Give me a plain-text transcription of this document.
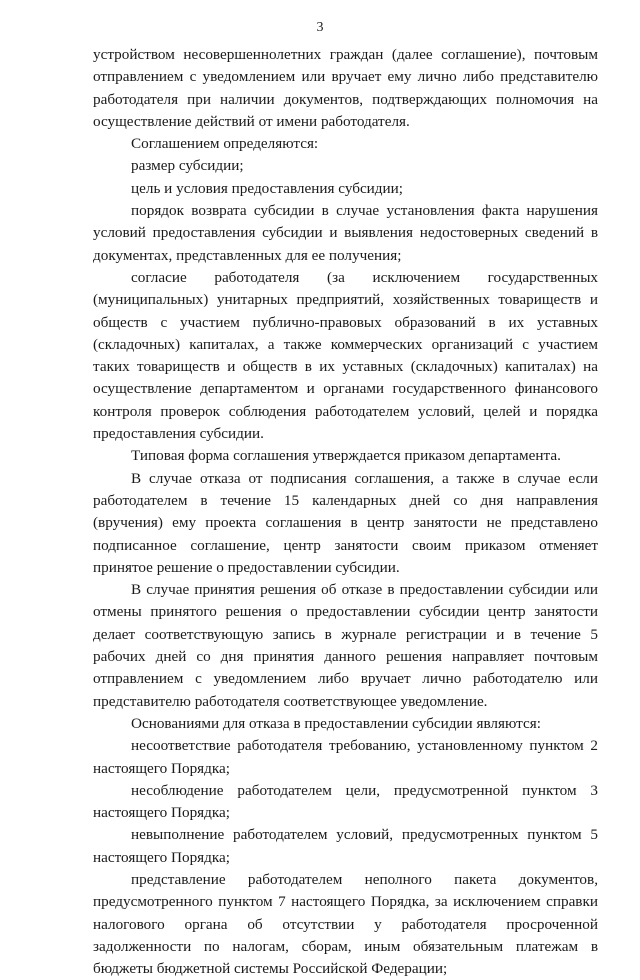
3

устройством несовершеннолетних граждан (далее соглашение), почтовым отправлением с уведомлением или вручает ему лично либо представителю работодателя при наличии документов, подтверждающих полномочия на осуществление действий от имени работодателя.

Соглашением определяются:

размер субсидии;

цель и условия предоставления субсидии;

порядок возврата субсидии в случае установления факта нарушения условий предоставления субсидии и выявления недостоверных сведений в документах, представленных для ее получения;

согласие работодателя (за исключением государственных (муниципальных) унитарных предприятий, хозяйственных товариществ и обществ с участием публично-правовых образований в их уставных (складочных) капиталах, а также коммерческих организаций с участием таких товариществ и обществ в их уставных (складочных) капиталах) на осуществление департаментом и органами государственного финансового контроля проверок соблюдения работодателем условий, целей и порядка предоставления субсидии.

Типовая форма соглашения утверждается приказом департамента.

В случае отказа от подписания соглашения, а также в случае если работодателем в течение 15 календарных дней со дня направления (вручения) ему проекта соглашения в центр занятости не представлено подписанное соглашение, центр занятости своим приказом отменяет принятое решение о предоставлении субсидии.

В случае принятия решения об отказе в предоставлении субсидии или отмены принятого решения о предоставлении субсидии центр занятости делает соответствующую запись в журнале регистрации и в течение 5 рабочих дней со дня принятия данного решения направляет почтовым отправлением с уведомлением либо вручает лично работодателю или представителю работодателя соответствующее уведомление.

Основаниями для отказа в предоставлении субсидии являются:

несоответствие работодателя требованию, установленному пунктом 2 настоящего Порядка;

несоблюдение работодателем цели, предусмотренной пунктом 3 настоящего Порядка;

невыполнение работодателем условий, предусмотренных пунктом 5 настоящего Порядка;

представление работодателем неполного пакета документов, предусмотренного пунктом 7 настоящего Порядка, за исключением справки налогового органа об отсутствии у работодателя просроченной задолженности по налогам, сборам, иным обязательным платежам в бюджеты бюджетной системы Российской Федерации;
